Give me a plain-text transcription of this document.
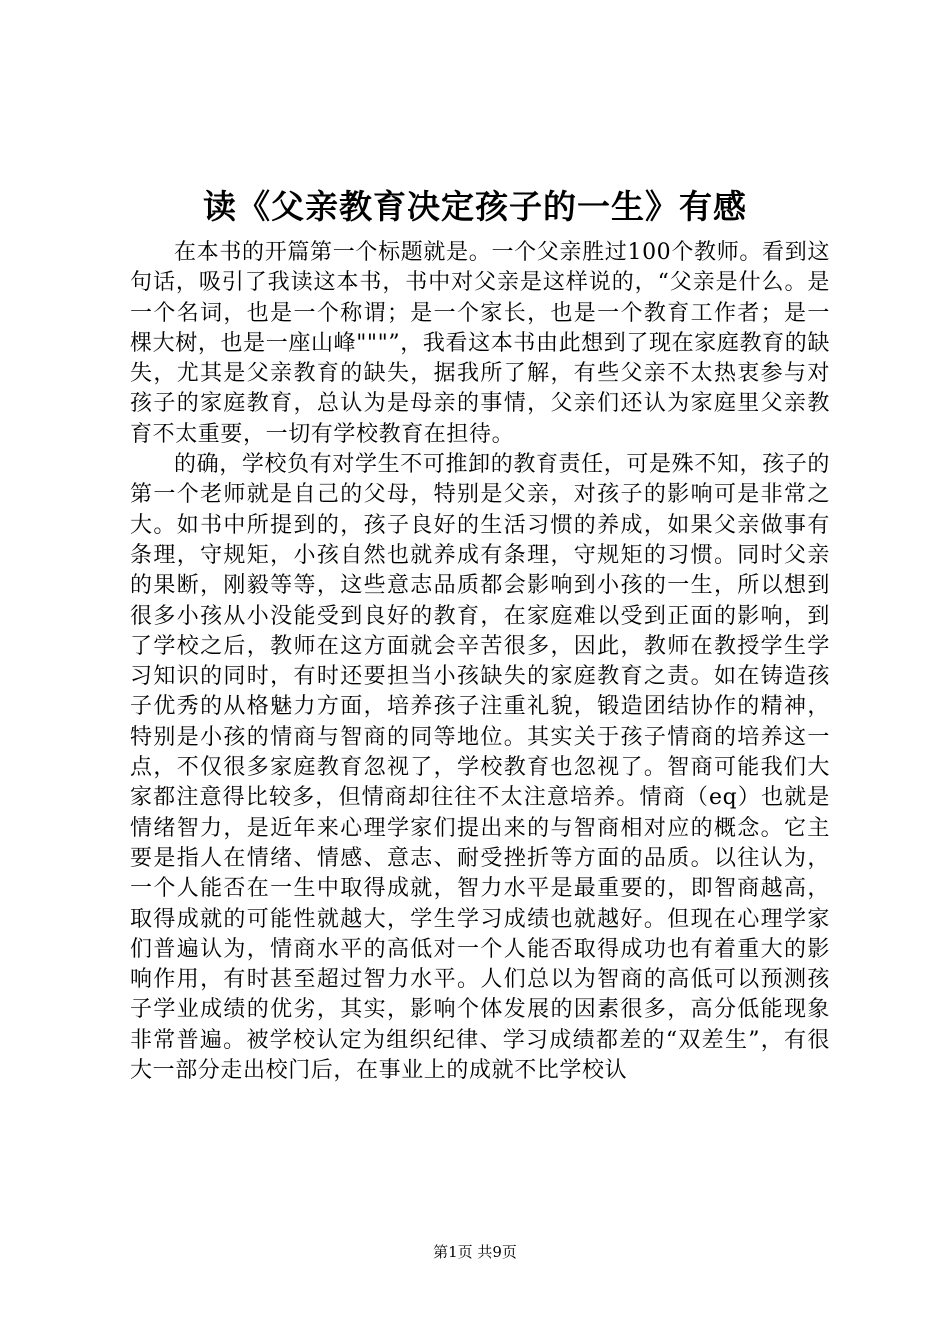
读《父亲教育决定孩子的一生》有感

在本书的开篇第一个标题就是。一个父亲胜过100个教师。看到这句话，吸引了我读这本书，书中对父亲是这样说的，“父亲是什么。是一个名词，也是一个称谓；是一个家长，也是一个教育工作者；是一棵大树，也是一座山峰"""”，我看这本书由此想到了现在家庭教育的缺失，尤其是父亲教育的缺失，据我所了解，有些父亲不太热衷参与对孩子的家庭教育，总认为是母亲的事情，父亲们还认为家庭里父亲教育不太重要，一切有学校教育在担待。

的确，学校负有对学生不可推卸的教育责任，可是殊不知，孩子的第一个老师就是自己的父母，特别是父亲，对孩子的影响可是非常之大。如书中所提到的，孩子良好的生活习惯的养成，如果父亲做事有条理，守规矩，小孩自然也就养成有条理，守规矩的习惯。同时父亲的果断，刚毅等等，这些意志品质都会影响到小孩的一生，所以想到很多小孩从小没能受到良好的教育，在家庭难以受到正面的影响，到了学校之后，教师在这方面就会辛苦很多，因此，教师在教授学生学习知识的同时，有时还要担当小孩缺失的家庭教育之责。如在铸造孩子优秀的从格魅力方面，培养孩子注重礼貌，锻造团结协作的精神，特别是小孩的情商与智商的同等地位。其实关于孩子情商的培养这一点，不仅很多家庭教育忽视了，学校教育也忽视了。智商可能我们大家都注意得比较多，但情商却往往不太注意培养。情商（eq）也就是情绪智力，是近年来心理学家们提出来的与智商相对应的概念。它主要是指人在情绪、情感、意志、耐受挫折等方面的品质。以往认为，一个人能否在一生中取得成就，智力水平是最重要的，即智商越高，取得成就的可能性就越大，学生学习成绩也就越好。但现在心理学家们普遍认为，情商水平的高低对一个人能否取得成功也有着重大的影响作用，有时甚至超过智力水平。人们总以为智商的高低可以预测孩子学业成绩的优劣，其实，影响个体发展的因素很多，高分低能现象非常普遍。被学校认定为组织纪律、学习成绩都差的“双差生”，有很大一部分走出校门后，在事业上的成就不比学校认

第1页 共9页
